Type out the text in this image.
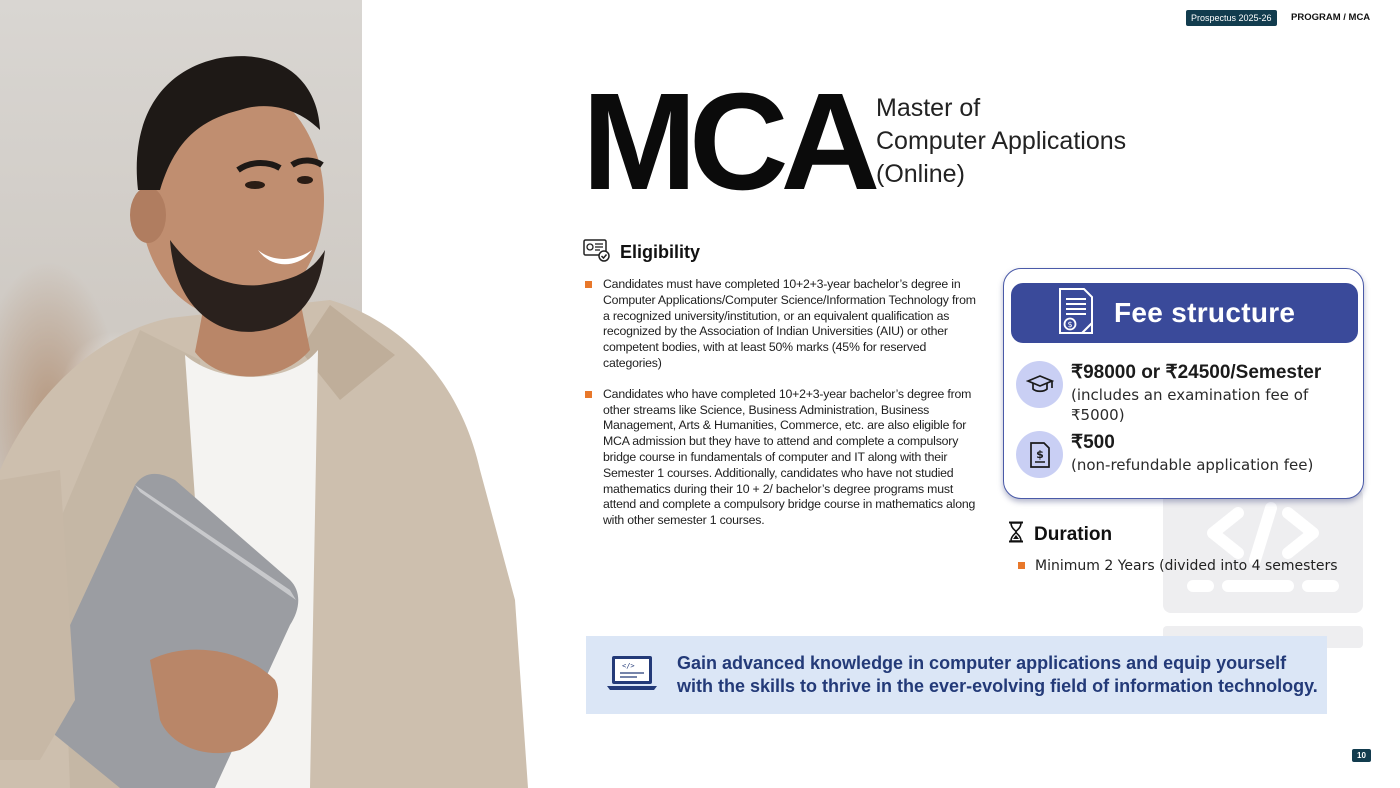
Prospectus 2025-26	PROGRAM / MCA
MCA Master of
Computer Applications
(Online)
Eligibility
Candidates must have completed 10+2+3-year bachelor’s degree in Computer Applications/Computer Science/Information Technology from a recognized university/institution, or an equivalent qualification as recognized by the Association of Indian Universities (AIU) or other competent bodies, with at least 50% marks (45% for reserved categories)
Candidates who have completed 10+2+3-year bachelor’s degree from other streams like Science, Business Administration, Business Management, Arts & Humanities, Commerce, etc. are also eligible for MCA admission but they have to attend and complete a compulsory bridge course in fundamentals of computer and IT along with their Semester 1 courses. Additionally, candidates who have not studied mathematics during their 10 + 2/ bachelor’s degree programs must attend and complete a compulsory bridge course in mathematics along with other semester 1 courses.
$ Fee structure
₹98000 or ₹24500/Semester
(includes an examination fee of ₹5000)
$
₹500
(non-refundable application fee)
Duration
Minimum 2 Years (divided into 4 semesters
</> Gain advanced knowledge in computer applications and equip yourself with the skills to thrive in the ever-evolving field of information technology.

10
